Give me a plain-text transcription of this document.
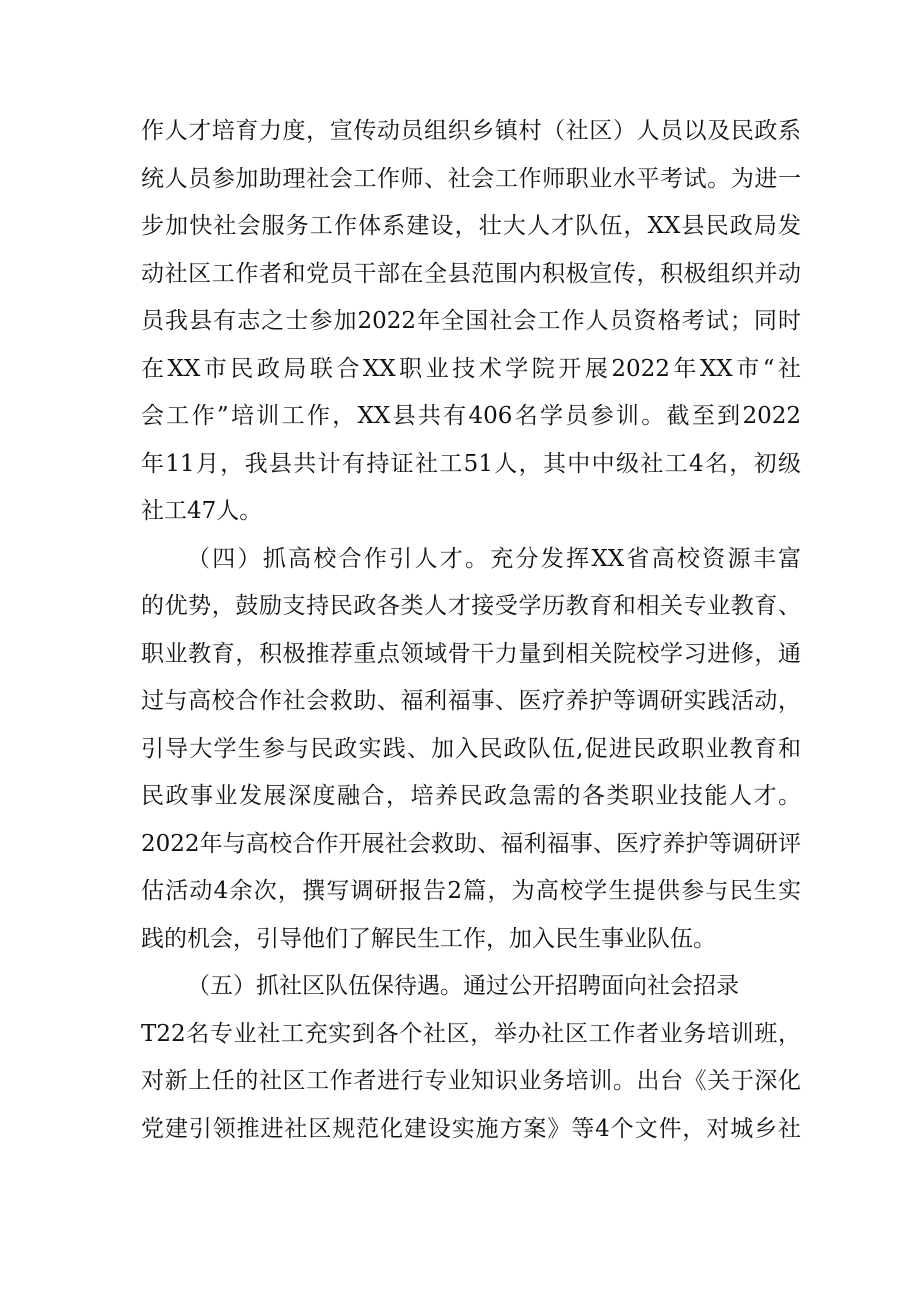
作人才培育力度，宣传动员组织乡镇村（社区）人员以及民政系
统人员参加助理社会工作师、社会工作师职业水平考试。为进一
步加快社会服务工作体系建设，壮大人才队伍，XX县民政局发
动社区工作者和党员干部在全县范围内积极宣传，积极组织并动
员我县有志之士参加2022年全国社会工作人员资格考试；同时
在XX市民政局联合XX职业技术学院开展2022年XX市“社
会工作”培训工作，XX县共有406名学员参训。截至到2022
年11月，我县共计有持证社工51人，其中中级社工4名，初级
社工47人。
（四）抓高校合作引人才。充分发挥XX省高校资源丰富
的优势，鼓励支持民政各类人才接受学历教育和相关专业教育、
职业教育，积极推荐重点领域骨干力量到相关院校学习进修，通
过与高校合作社会救助、福利福事、医疗养护等调研实践活动，
引导大学生参与民政实践、加入民政队伍,促进民政职业教育和
民政事业发展深度融合，培养民政急需的各类职业技能人才。
2022年与高校合作开展社会救助、福利福事、医疗养护等调研评
估活动4余次，撰写调研报告2篇，为高校学生提供参与民生实
践的机会，引导他们了解民生工作，加入民生事业队伍。
（五）抓社区队伍保待遇。通过公开招聘面向社会招录
T22名专业社工充实到各个社区，举办社区工作者业务培训班，
对新上任的社区工作者进行专业知识业务培训。出台《关于深化
党建引领推进社区规范化建设实施方案》等4个文件，对城乡社
